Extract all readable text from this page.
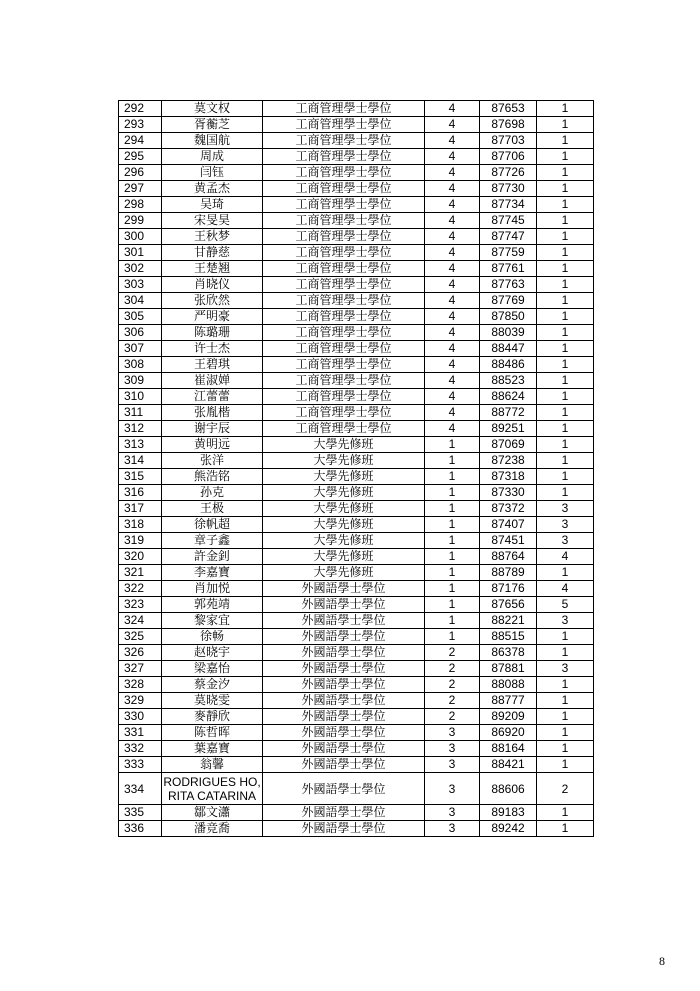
292	莫文权	工商管理學士學位	4	87653	1
293	胥蘅芝	工商管理學士學位	4	87698	1
294	魏国航	工商管理學士學位	4	87703	1
295	周成	工商管理學士學位	4	87706	1
296	闫钰	工商管理學士學位	4	87726	1
297	黄孟杰	工商管理學士學位	4	87730	1
298	吴琦	工商管理學士學位	4	87734	1
299	宋旻昊	工商管理學士學位	4	87745	1
300	王秋梦	工商管理學士學位	4	87747	1
301	甘静慈	工商管理學士學位	4	87759	1
302	王楚翘	工商管理學士學位	4	87761	1
303	肖晓仪	工商管理學士學位	4	87763	1
304	张欣然	工商管理學士學位	4	87769	1
305	严明豪	工商管理學士學位	4	87850	1
306	陈璐珊	工商管理學士學位	4	88039	1
307	许士杰	工商管理學士學位	4	88447	1
308	王碧琪	工商管理學士學位	4	88486	1
309	崔淑婵	工商管理學士學位	4	88523	1
310	江蕾蕾	工商管理學士學位	4	88624	1
311	张胤楷	工商管理學士學位	4	88772	1
312	谢宇辰	工商管理學士學位	4	89251	1
313	黄明远	大學先修班	1	87069	1
314	张洋	大學先修班	1	87238	1
315	熊浩铭	大學先修班	1	87318	1
316	孙克	大學先修班	1	87330	1
317	王极	大學先修班	1	87372	3
318	徐帆超	大學先修班	1	87407	3
319	章子鑫	大學先修班	1	87451	3
320	許金釗	大學先修班	1	88764	4
321	李嘉寶	大學先修班	1	88789	1
322	肖加悦	外國語學士學位	1	87176	4
323	郭苑靖	外國語學士學位	1	87656	5
324	黎家宜	外國語學士學位	1	88221	3
325	徐畅	外國語學士學位	1	88515	1
326	赵晓宇	外國語學士學位	2	86378	1
327	梁嘉怡	外國語學士學位	2	87881	3
328	蔡金汐	外國語學士學位	2	88088	1
329	莫晓雯	外國語學士學位	2	88777	1
330	麥靜欣	外國語學士學位	2	89209	1
331	陈哲晖	外國語學士學位	3	86920	1
332	葉嘉寶	外國語學士學位	3	88164	1
333	翁馨	外國語學士學位	3	88421	1
334	RODRIGUES HO, RITA CATARINA	外國語學士學位	3	88606	2
335	鄒文瀟	外國語學士學位	3	89183	1
336	潘竞喬	外國語學士學位	3	89242	1
8
